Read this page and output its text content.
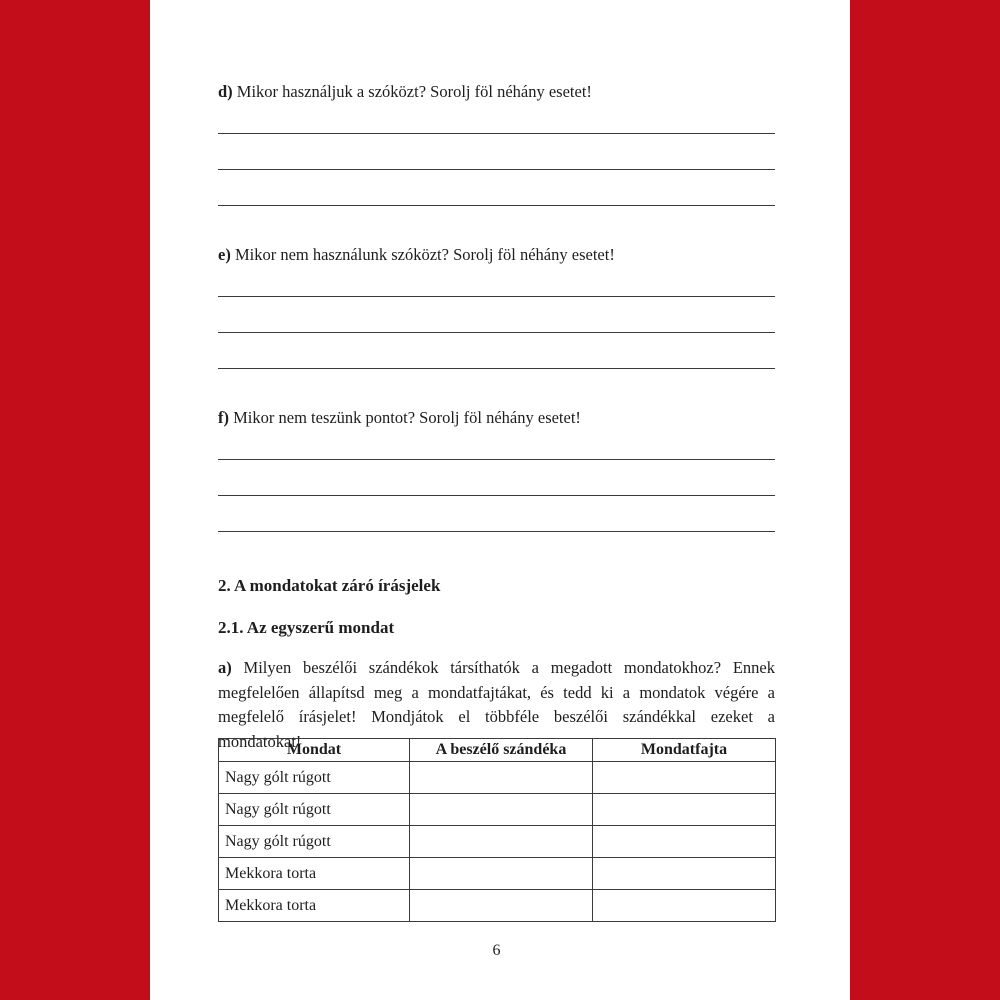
d) Mikor használjuk a szóközt? Sorolj föl néhány esetet!
e) Mikor nem használunk szóközt? Sorolj föl néhány esetet!
f) Mikor nem teszünk pontot? Sorolj föl néhány esetet!
2. A mondatokat záró írásjelek
2.1. Az egyszerű mondat
a) Milyen beszélői szándékok társíthatók a megadott mondatokhoz? Ennek megfelelően állapítsd meg a mondatfajtákat, és tedd ki a mondatok végére a megfelelő írásjelet! Mondjátok el többféle beszélői szándékkal ezeket a mondatokat!
Mondat	A beszélő szándéka	Mondatfajta
Nagy gólt rúgott		
Nagy gólt rúgott		
Nagy gólt rúgott		
Mekkora torta		
Mekkora torta		
6
